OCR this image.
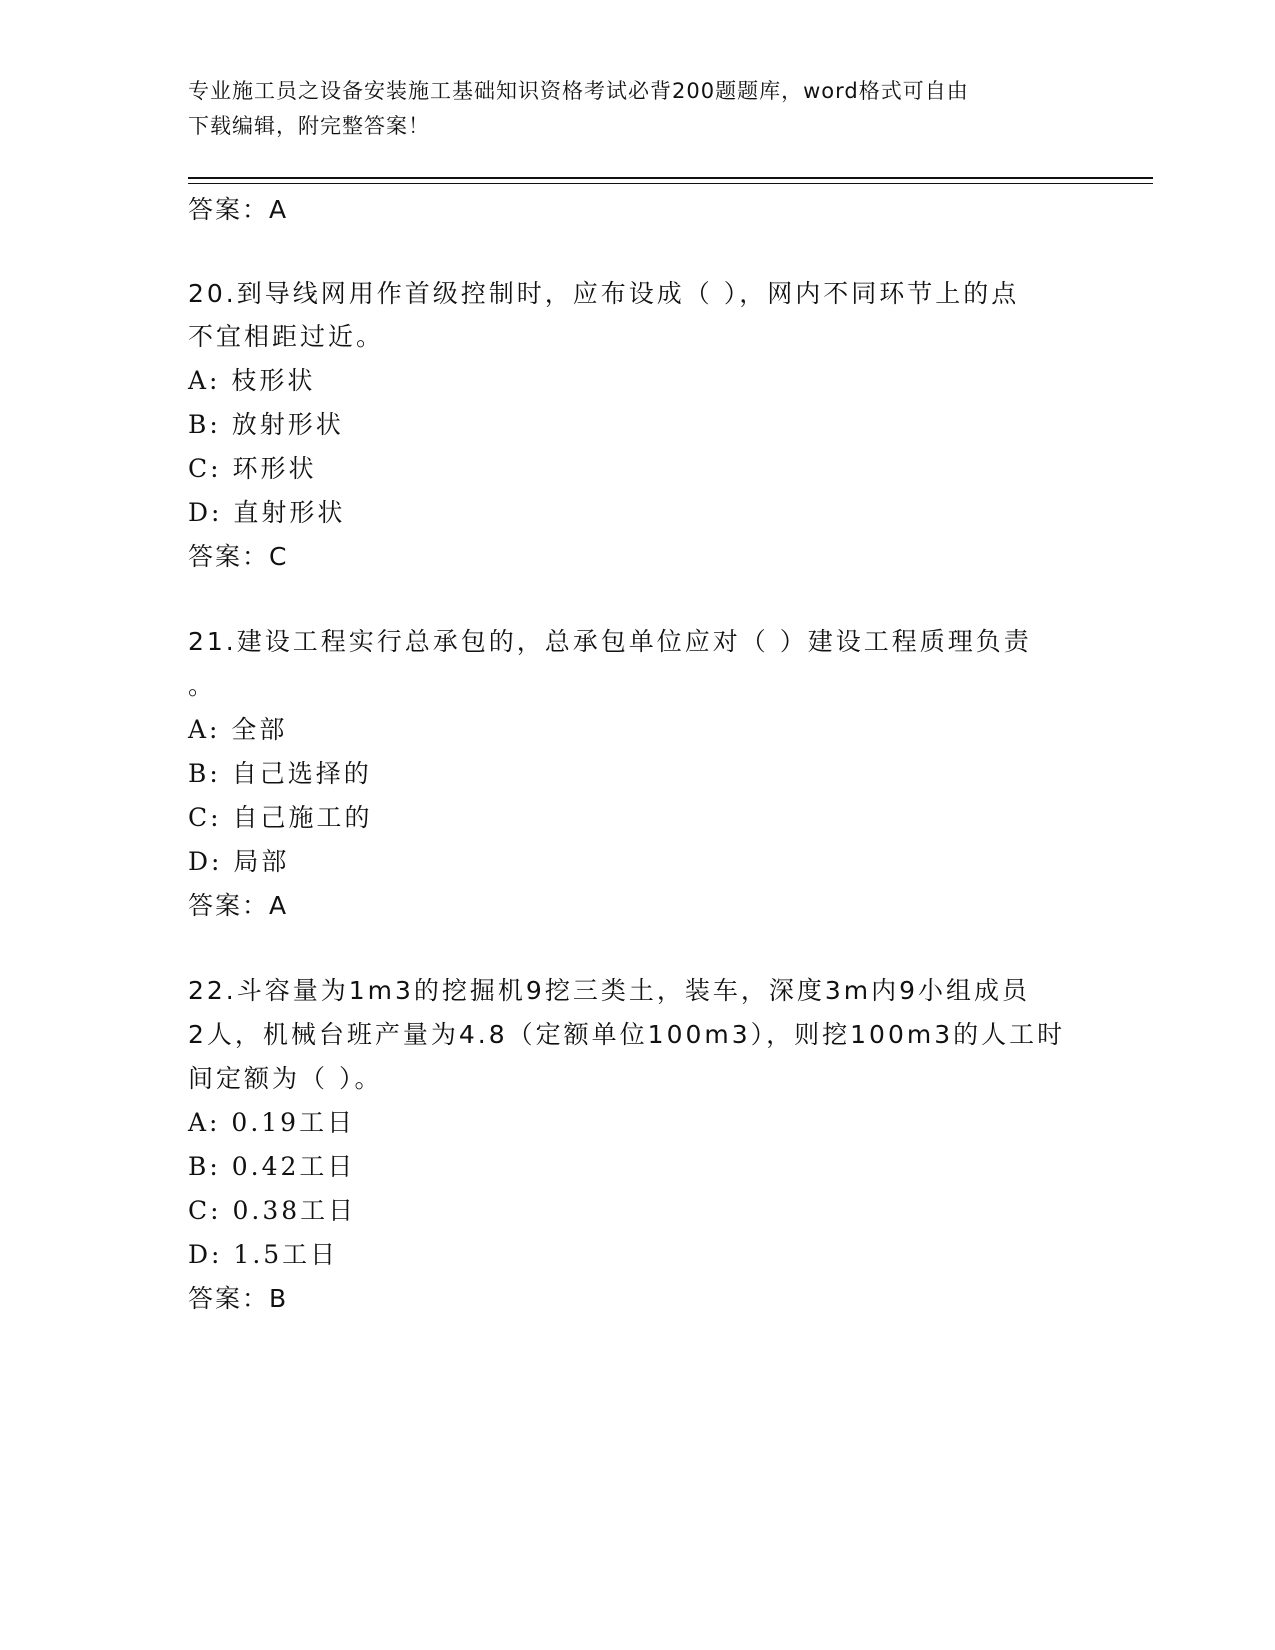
专业施工员之设备安装施工基础知识资格考试必背200题题库，word格式可自由
下载编辑，附完整答案！
答案：A
20.到导线网用作首级控制时，应布设成（ ），网内不同环节上的点
不宜相距过近。
A: 枝形状
B: 放射形状
C: 环形状
D: 直射形状
答案：C
21.建设工程实行总承包的，总承包单位应对（ ）建设工程质理负责
。
A: 全部
B: 自己选择的
C: 自己施工的
D: 局部
答案：A
22.斗容量为1m3的挖掘机9挖三类土，装车，深度3m内9小组成员
2人，机械台班产量为4.8（定额单位100m3），则挖100m3的人工时
间定额为（ ）。
A: 0.19工日
B: 0.42工日
C: 0.38工日
D: 1.5工日
答案：B
